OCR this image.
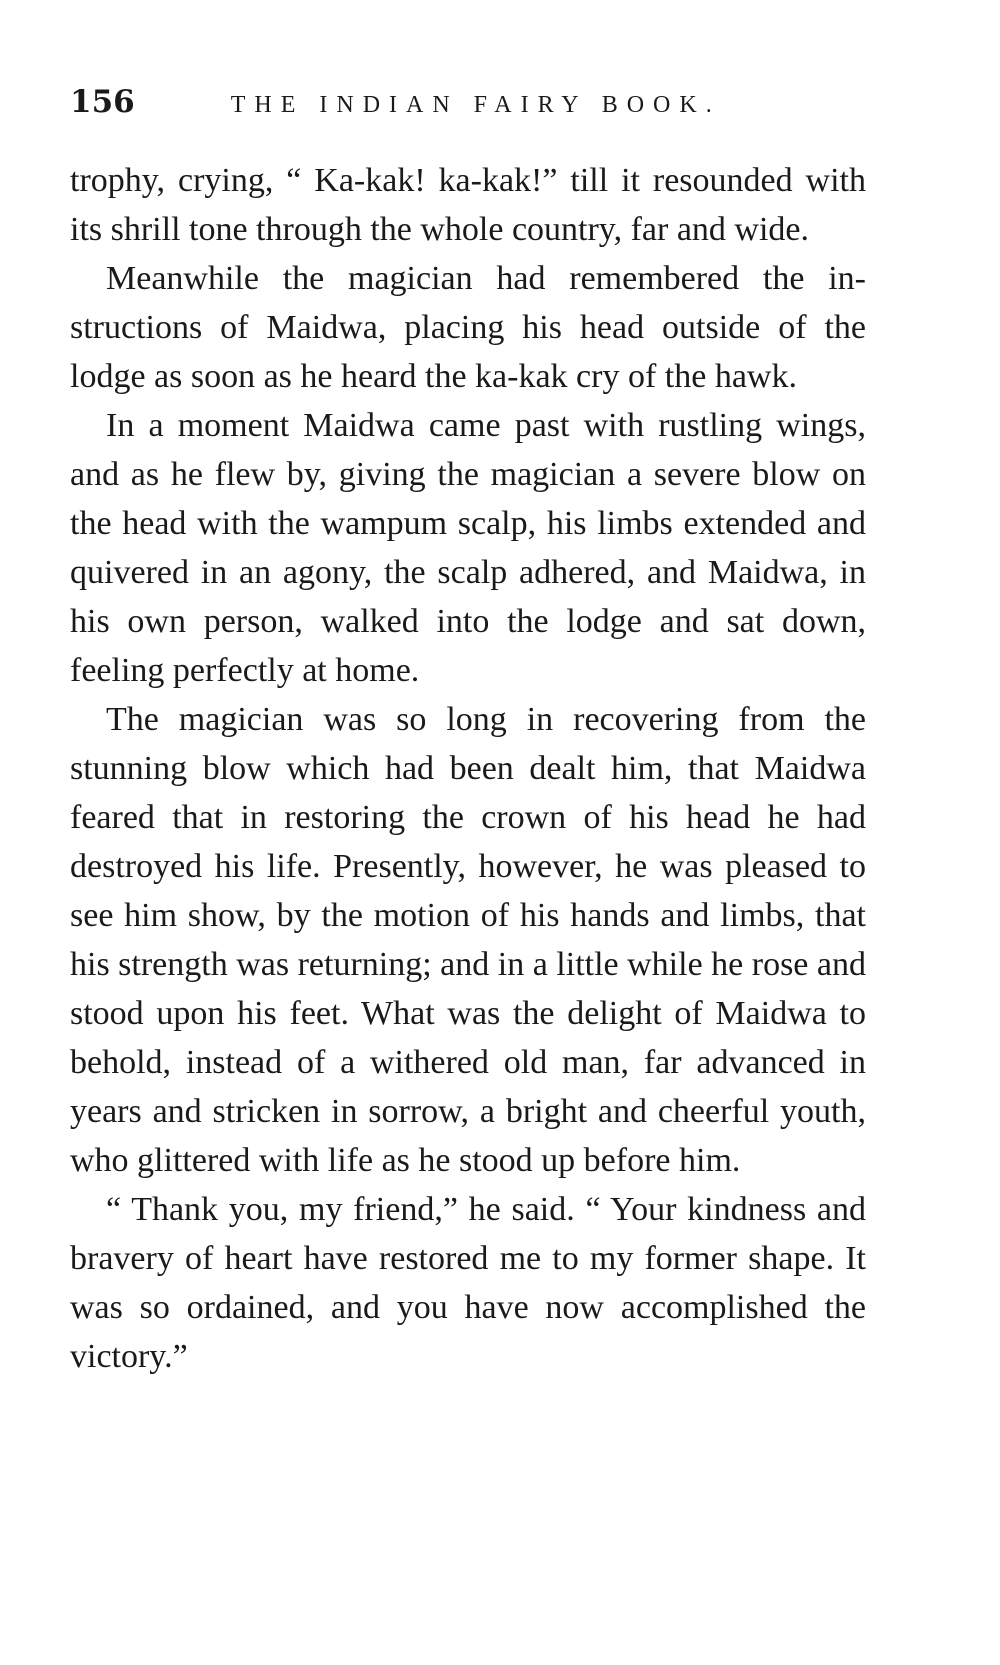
156	THE INDIAN FAIRY BOOK.

trophy, crying, “ Ka-kak! ka-kak!” till it resounded with its shrill tone through the whole country, far and wide.

Meanwhile the magician had remembered the instructions of Maidwa, placing his head outside of the lodge as soon as he heard the ka-kak cry of the hawk.

In a moment Maidwa came past with rustling wings, and as he flew by, giving the magician a severe blow on the head with the wampum scalp, his limbs extended and quivered in an agony, the scalp adhered, and Maidwa, in his own person, walked into the lodge and sat down, feeling perfectly at home.

The magician was so long in recovering from the stunning blow which had been dealt him, that Maidwa feared that in restoring the crown of his head he had destroyed his life. Presently, however, he was pleased to see him show, by the motion of his hands and limbs, that his strength was returning; and in a little while he rose and stood upon his feet. What was the delight of Maidwa to behold, instead of a withered old man, far advanced in years and stricken in sorrow, a bright and cheerful youth, who glittered with life as he stood up before him.

“ Thank you, my friend,” he said. “ Your kindness and bravery of heart have restored me to my former shape. It was so ordained, and you have now accomplished the victory.”
